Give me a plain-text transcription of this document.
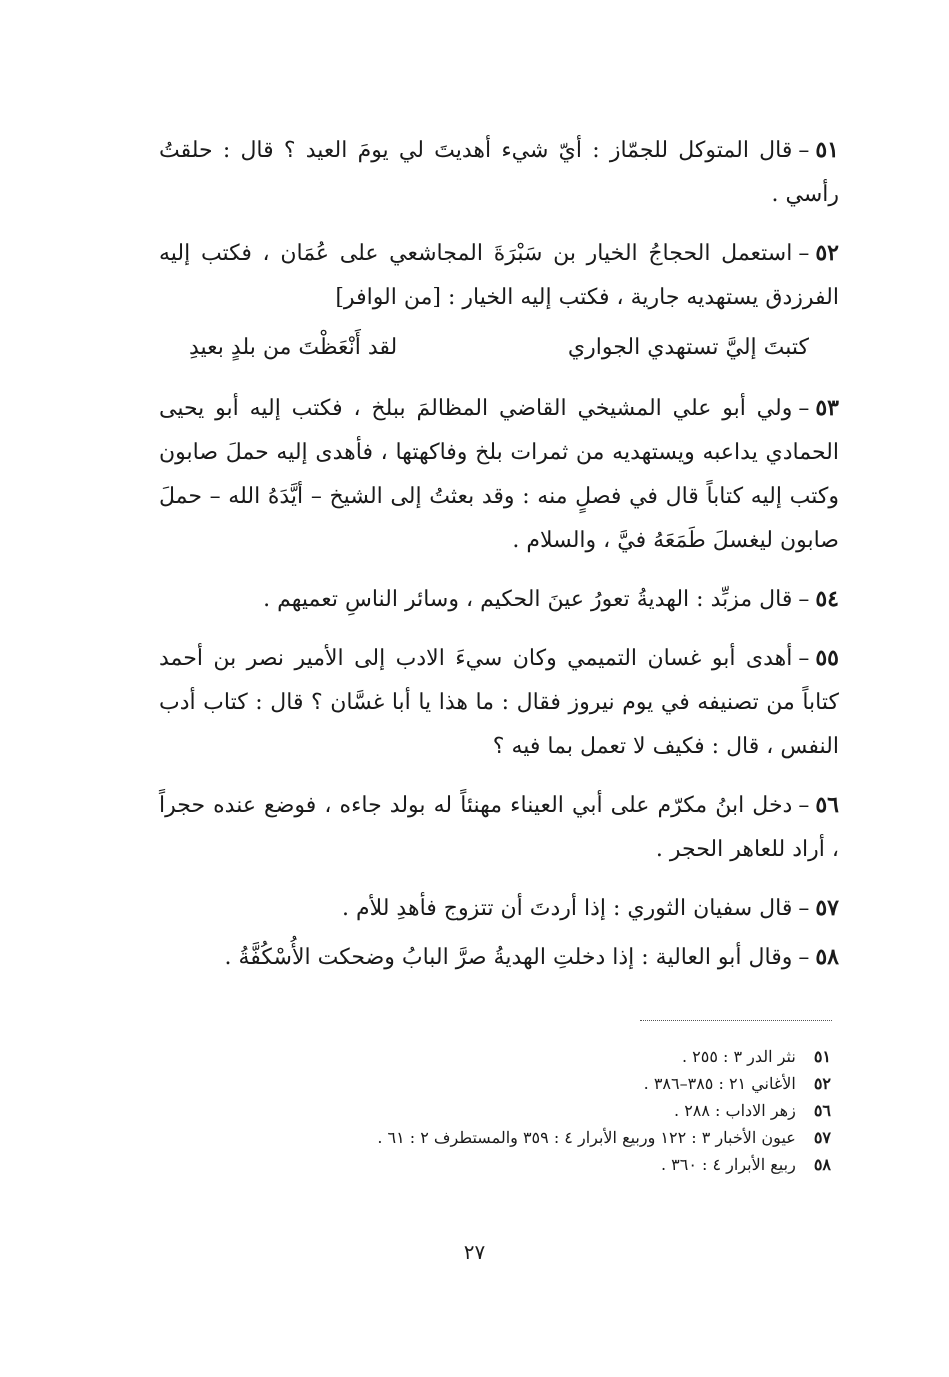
٥١–قال المتوكل للجمّاز : أيّ شيء أهديتَ لي يومَ العيد ؟ قال : حلقتُ رأسي .

٥٢–استعمل الحجاجُ الخيار بن سَبْرَةَ المجاشعي على عُمَان ، فكتب إليه الفرزدق يستهديه جارية ، فكتب إليه الخيار : [من الوافر]

كتبتَ إليَّ تستهدي الجواري
لقد أَنْعَظْتَ من بلدٍ بعيدِ

٥٣–ولي أبو علي المشيخي القاضي المظالمَ ببلخ ، فكتب إليه أبو يحيى الحمادي يداعبه ويستهديه من ثمرات بلخ وفاكهتها ، فأهدى إليه حملَ صابون وكتب إليه كتاباً قال في فصلٍ منه : وقد بعثتُ إلى الشيخ – أيَّدَهُ الله – حملَ صابون ليغسلَ طَمَعَهُ فيَّ ، والسلام .

٥٤–قال مزبِّد : الهديةُ تعورُ عينَ الحكيم ، وسائر الناسِ تعميهم .

٥٥–أهدى أبو غسان التميمي وكان سيءَ الادب إلى الأمير نصر بن أحمد كتاباً من تصنيفه في يوم نيروز فقال : ما هذا يا أبا غسَّان ؟ قال : كتاب أدب النفس ، قال : فكيف لا تعمل بما فيه ؟

٥٦–دخل ابنُ مكرّم على أبي العيناء مهنئاً له بولد جاءه ، فوضع عنده حجراً ، أراد للعاهر الحجر .

٥٧–قال سفيان الثوري : إذا أردتَ أن تتزوج فأهدِ للأم .

٥٨–وقال أبو العالية : إذا دخلتِ الهديةُ صرَّ البابُ وضحكت الأُسْكُفَّةُ .

٥١نثر الدر ٣ : ٢٥٥ .
٥٢الأغاني ٢١ : ٣٨٥–٣٨٦ .
٥٦زهر الاداب : ٢٨٨ .
٥٧عيون الأخبار ٣ : ١٢٢ وربيع الأبرار ٤ : ٣٥٩ والمستطرف ٢ : ٦١ .
٥٨ربيع الأبرار ٤ : ٣٦٠ .
٢٧
